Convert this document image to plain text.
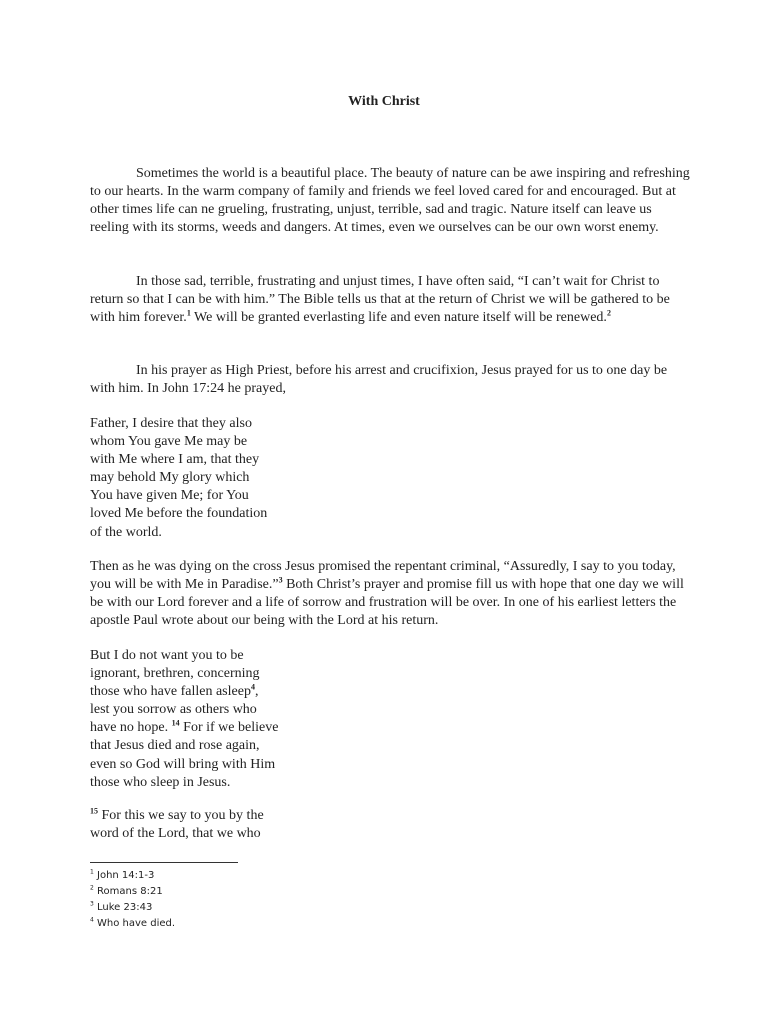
With Christ

Sometimes the world is a beautiful place. The beauty of nature can be awe inspiring and refreshing to our hearts. In the warm company of family and friends we feel loved cared for and encouraged. But at other times life can ne grueling, frustrating, unjust, terrible, sad and tragic. Nature itself can leave us reeling with its storms, weeds and dangers. At times, even we ourselves can be our own worst enemy.

In those sad, terrible, frustrating and unjust times, I have often said, “I can’t wait for Christ to return so that I can be with him.” The Bible tells us that at the return of Christ we will be gathered to be with him forever.$^1$ We will be granted everlasting life and even nature itself will be renewed.$^2$

In his prayer as High Priest, before his arrest and crucifixion, Jesus prayed for us to one day be with him. In John 17:24 he prayed,

Father, I desire that they also
whom You gave Me may be
with Me where I am, that they
may behold My glory which
You have given Me; for You
loved Me before the foundation
of the world.

Then as he was dying on the cross Jesus promised the repentant criminal, “Assuredly, I say to you today, you will be with Me in Paradise.”$^3$ Both Christ’s prayer and promise fill us with hope that one day we will be with our Lord forever and a life of sorrow and frustration will be over. In one of his earliest letters the apostle Paul wrote about our being with the Lord at his return.

But I do not want you to be
ignorant, brethren, concerning
those who have fallen asleep$^4$,
lest you sorrow as others who
have no hope. $^{14}$ For if we believe
that Jesus died and rose again,
even so God will bring with Him
those who sleep in Jesus.
$^{15}$ For this we say to you by the
word of the Lord, that we who
$^1$ John 14:1-3
$^2$ Romans 8:21
$^3$ Luke 23:43
$^4$ Who have died.
